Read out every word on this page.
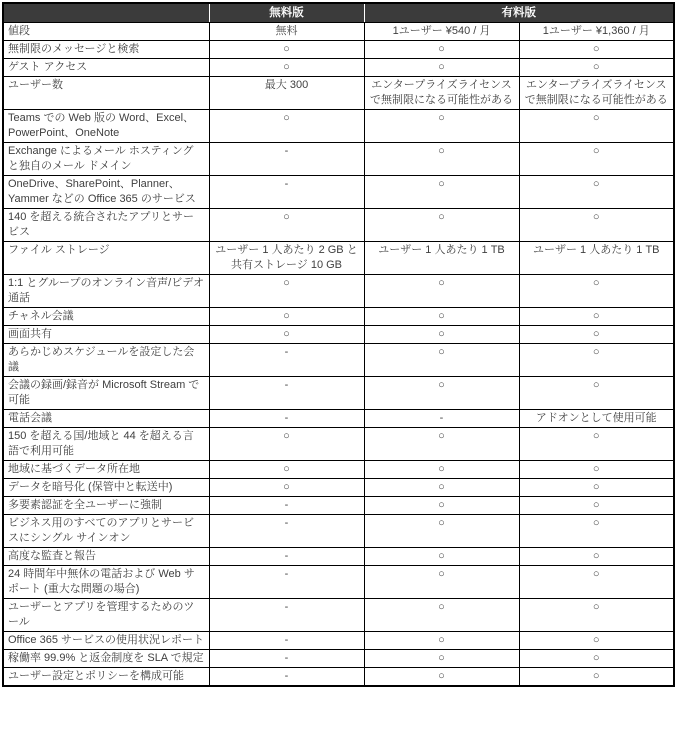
	無料版	有料版	
値段	無料	1ユーザー ¥540 / 月	1ユーザー ¥1,360 / 月
無制限のメッセージと検索	○	○	○
ゲスト アクセス	○	○	○
ユーザー数	最大 300	エンタープライズライセンスで無制限になる可能性がある	エンタープライズライセンスで無制限になる可能性がある
Teams での Web 版の Word、Excel、PowerPoint、OneNote	○	○	○
Exchange によるメール ホスティングと独自のメール ドメイン	-	○	○
OneDrive、SharePoint、Planner、Yammer などの Office 365 のサービス	-	○	○
140 を超える統合されたアプリとサービス	○	○	○
ファイル ストレージ	ユーザー 1 人あたり 2 GB と共有ストレージ 10 GB	ユーザー 1 人あたり 1 TB	ユーザー 1 人あたり 1 TB
1:1 とグループのオンライン音声/ビデオ通話	○	○	○
チャネル会議	○	○	○
画面共有	○	○	○
あらかじめスケジュールを設定した会議	-	○	○
会議の録画/録音が Microsoft Stream で可能	-	○	○
電話会議	-	-	アドオンとして使用可能
150 を超える国/地域と 44 を超える言語で利用可能	○	○	○
地域に基づくデータ所在地	○	○	○
データを暗号化 (保管中と転送中)	○	○	○
多要素認証を全ユーザーに強制	-	○	○
ビジネス用のすべてのアプリとサービスにシングル サインオン	-	○	○
高度な監査と報告	-	○	○
24 時間年中無休の電話および Web サポート (重大な問題の場合)	-	○	○
ユーザーとアプリを管理するためのツール	-	○	○
Office 365 サービスの使用状況レポート	-	○	○
稼働率 99.9% と返金制度を SLA で規定	-	○	○
ユーザー設定とポリシーを構成可能	-	○	○
